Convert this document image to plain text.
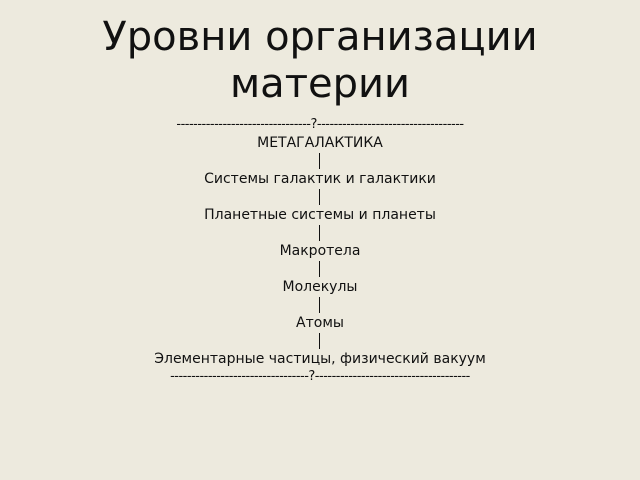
Уровни организации
материи
--------------------------------?-----------------------------------
МЕТАГАЛАКТИКА
Системы галактик и галактики
Планетные системы и планеты
Макротела
Молекулы
Атомы
Элементарные частицы, физический вакуум
---------------------------------?-------------------------------------
